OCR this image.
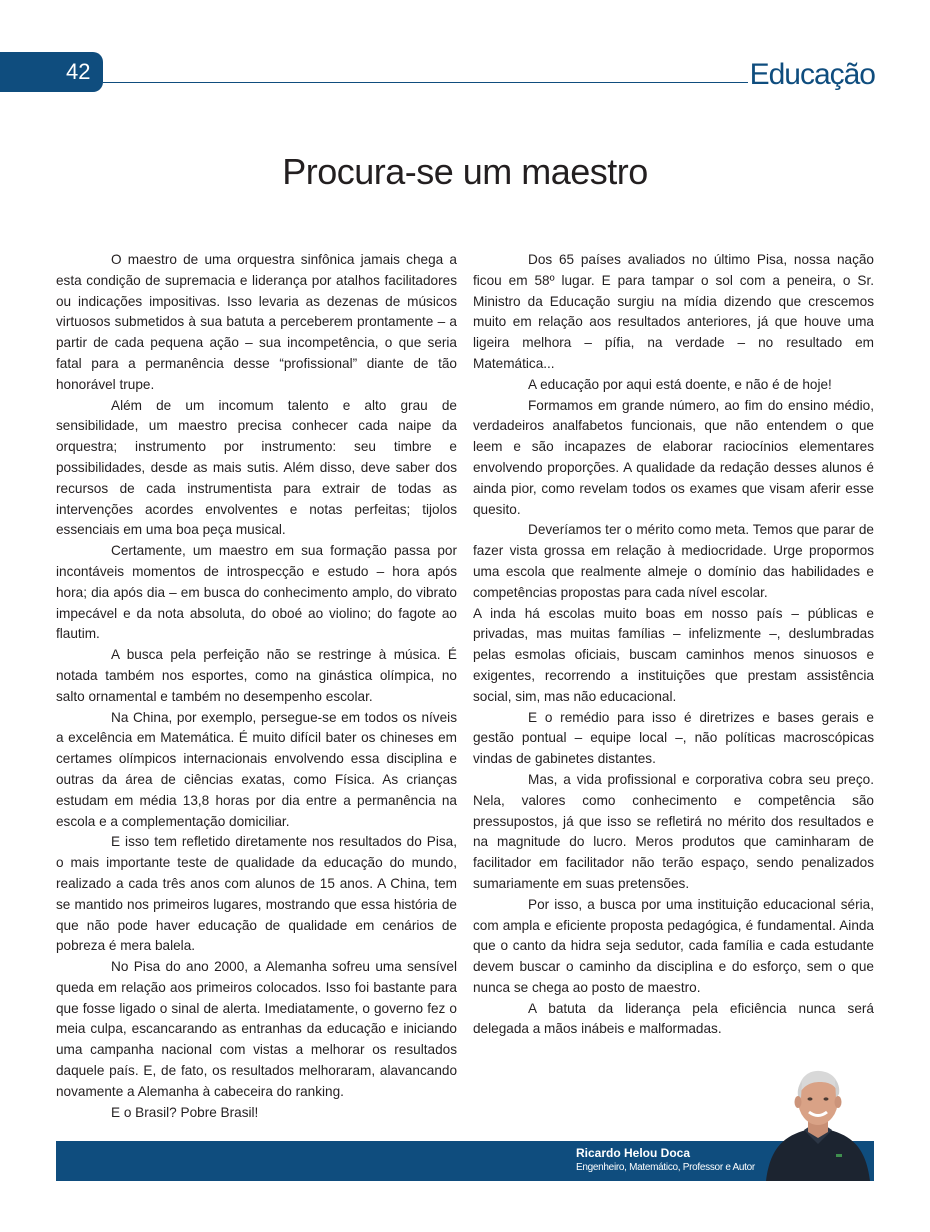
42	Educação
Procura-se um maestro

O maestro de uma orquestra sinfônica jamais chega a esta condição de supremacia e liderança por atalhos facilitadores ou indicações impositivas. Isso levaria as dezenas de músicos virtuosos submetidos à sua batuta a perceberem prontamente – a partir de cada pequena ação – sua incompetência, o que seria fatal para a permanência desse “profissional” diante de tão honorável trupe.

Além de um incomum talento e alto grau de sensibilidade, um maestro precisa conhecer cada naipe da orquestra; instrumento por instrumento: seu timbre e possibilidades, desde as mais sutis. Além disso, deve saber dos recursos de cada instrumentista para extrair de todas as intervenções acordes envolventes e notas perfeitas; tijolos essenciais em uma boa peça musical.

Certamente, um maestro em sua formação passa por incontáveis momentos de introspecção e estudo – hora após hora; dia após dia – em busca do conhecimento amplo, do vibrato impecável e da nota absoluta, do oboé ao violino; do fagote ao flautim.

A busca pela perfeição não se restringe à música. É notada também nos esportes, como na ginástica olímpica, no salto ornamental e também no desempenho escolar.

Na China, por exemplo, persegue-se em todos os níveis a excelência em Matemática. É muito difícil bater os chineses em certames olímpicos internacionais envolvendo essa disciplina e outras da área de ciências exatas, como Física. As crianças estudam em média 13,8 horas por dia entre a permanência na escola e a complementação domiciliar.

E isso tem refletido diretamente nos resultados do Pisa, o mais importante teste de qualidade da educação do mundo, realizado a cada três anos com alunos de 15 anos. A China, tem se mantido nos primeiros lugares, mostrando que essa história de que não pode haver educação de qualidade em cenários de pobreza é mera balela.

No Pisa do ano 2000, a Alemanha sofreu uma sensível queda em relação aos primeiros colocados. Isso foi bastante para que fosse ligado o sinal de alerta. Imediatamente, o governo fez o meia culpa, escancarando as entranhas da educação e iniciando uma campanha nacional com vistas a melhorar os resultados daquele país. E, de fato, os resultados melhoraram, alavancando novamente a Alemanha à cabeceira do ranking.

E o Brasil? Pobre Brasil!

Dos 65 países avaliados no último Pisa, nossa nação ficou em 58º lugar. E para tampar o sol com a peneira, o Sr. Ministro da Educação surgiu na mídia dizendo que crescemos muito em relação aos resultados anteriores, já que houve uma ligeira melhora – pífia, na verdade – no resultado em Matemática...

A educação por aqui está doente, e não é de hoje!

Formamos em grande número, ao fim do ensino médio, verdadeiros analfabetos funcionais, que não entendem o que leem e são incapazes de elaborar raciocínios elementares envolvendo proporções. A qualidade da redação desses alunos é ainda pior, como revelam todos os exames que visam aferir esse quesito.

Deveríamos ter o mérito como meta. Temos que parar de fazer vista grossa em relação à mediocridade. Urge propormos uma escola que realmente almeje o domínio das habilidades e competências propostas para cada nível escolar.

A inda há escolas muito boas em nosso país – públicas e privadas, mas muitas famílias – infelizmente –, deslumbradas pelas esmolas oficiais, buscam caminhos menos sinuosos e exigentes, recorrendo a instituições que prestam assistência social, sim, mas não educacional.

E o remédio para isso é diretrizes e bases gerais e gestão pontual – equipe local –, não políticas macroscópicas vindas de gabinetes distantes.

Mas, a vida profissional e corporativa cobra seu preço. Nela, valores como conhecimento e competência são pressupostos, já que isso se refletirá no mérito dos resultados e na magnitude do lucro. Meros produtos que caminharam de facilitador em facilitador não terão espaço, sendo penalizados sumariamente em suas pretensões.

Por isso, a busca por uma instituição educacional séria, com ampla e eficiente proposta pedagógica, é fundamental. Ainda que o canto da hidra seja sedutor, cada família e cada estudante devem buscar o caminho da disciplina e do esforço, sem o que nunca se chega ao posto de maestro.

A batuta da liderança pela eficiência nunca será delegada a mãos inábeis e malformadas.

Ricardo Helou Doca
Engenheiro, Matemático, Professor e Autor
